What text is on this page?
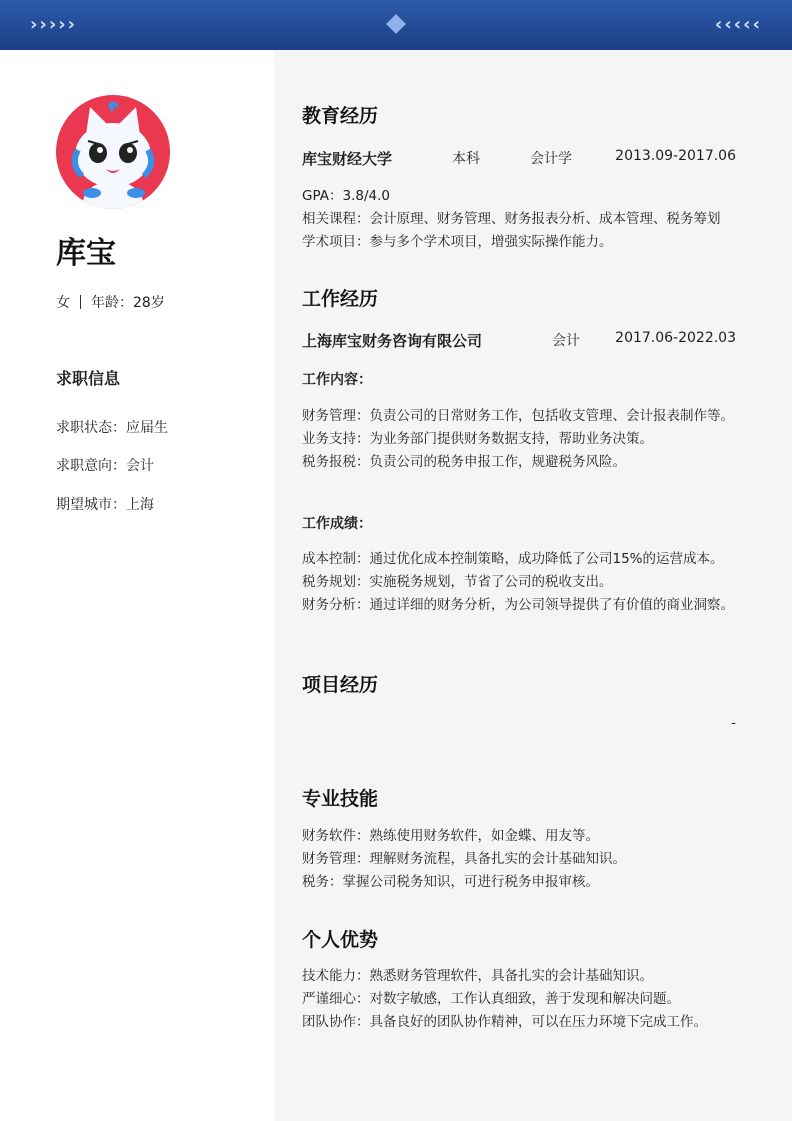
›››››	‹‹‹‹‹
库宝
女 年龄：28岁
求职信息
求职状态：应届生
求职意向：会计
期望城市：上海
教育经历
库宝财经大学	本科	会计学	2013.09-2017.06
GPA：3.8/4.0
相关课程：会计原理、财务管理、财务报表分析、成本管理、税务筹划
学术项目：参与多个学术项目，增强实际操作能力。
工作经历
上海库宝财务咨询有限公司	会计	2017.06-2022.03
工作内容：
财务管理：负责公司的日常财务工作，包括收支管理、会计报表制作等。
业务支持：为业务部门提供财务数据支持，帮助业务决策。
税务报税：负责公司的税务申报工作，规避税务风险。
工作成绩：
成本控制：通过优化成本控制策略，成功降低了公司15%的运营成本。
税务规划：实施税务规划，节省了公司的税收支出。
财务分析：通过详细的财务分析，为公司领导提供了有价值的商业洞察。
项目经历
-
专业技能
财务软件：熟练使用财务软件，如金蝶、用友等。
财务管理：理解财务流程，具备扎实的会计基础知识。
税务：掌握公司税务知识，可进行税务申报审核。
个人优势
技术能力：熟悉财务管理软件，具备扎实的会计基础知识。
严谨细心：对数字敏感，工作认真细致，善于发现和解决问题。
团队协作：具备良好的团队协作精神，可以在压力环境下完成工作。
